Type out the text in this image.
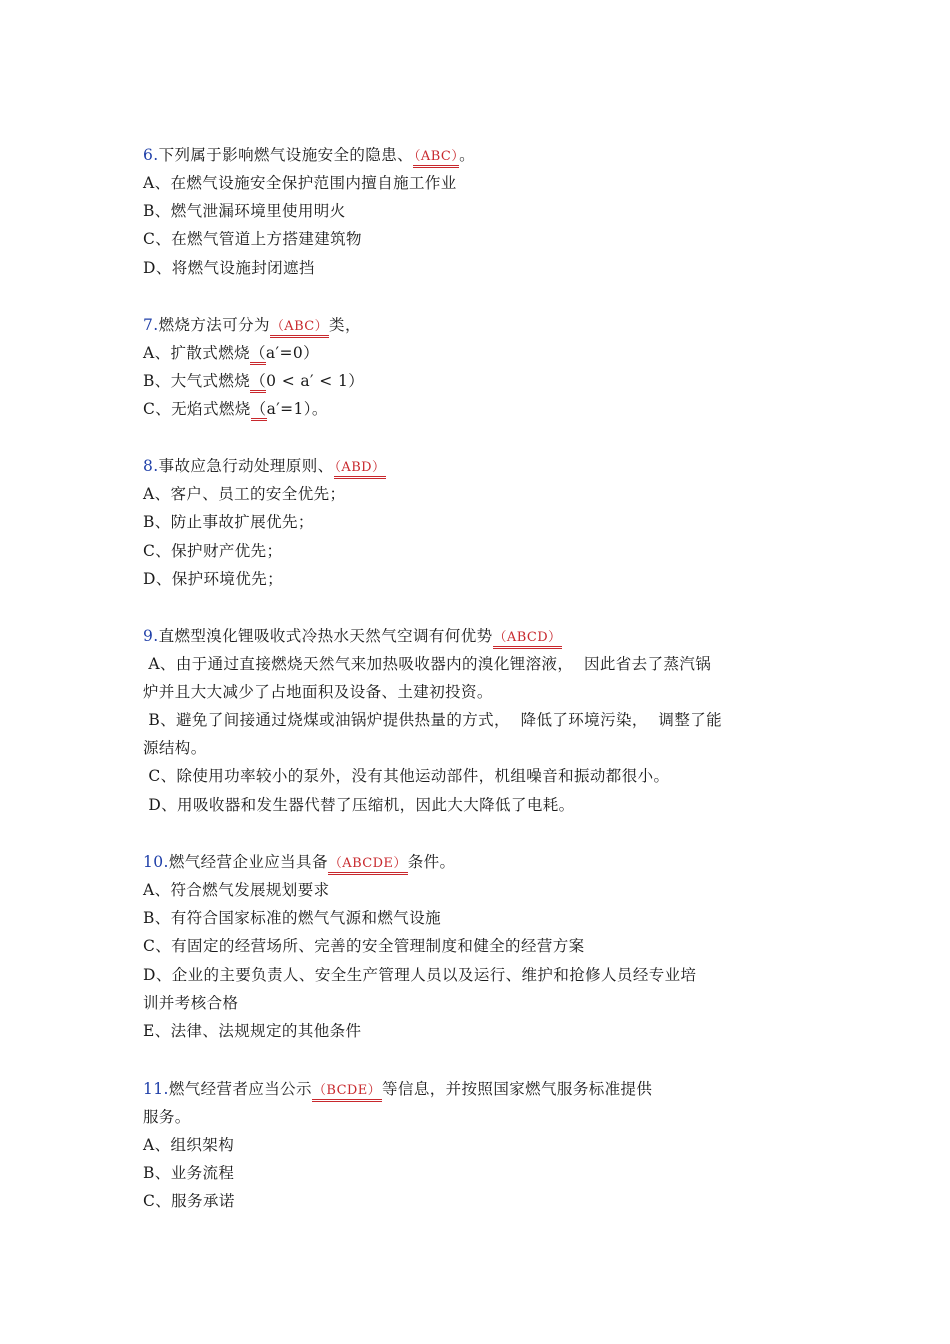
6.下列属于影响燃气设施安全的隐患、（ABC）。
A、在燃气设施安全保护范围内擅自施工作业
B、燃气泄漏环境里使用明火
C、在燃气管道上方搭建建筑物
D、将燃气设施封闭遮挡
7.燃烧方法可分为（ABC）类，
A、扩散式燃烧（a′=0）
B、大气式燃烧（0 < a′ < 1）
C、无焰式燃烧（a′=1）。
8.事故应急行动处理原则、（ABD）
A、客户、员工的安全优先；
B、防止事故扩展优先；
C、保护财产优先；
D、保护环境优先；
9.直燃型溴化锂吸收式冷热水天然气空调有何优势（ABCD）
A、由于通过直接燃烧天然气来加热吸收器内的溴化锂溶液，  因此省去了蒸汽锅
炉并且大大减少了占地面积及设备、土建初投资。
B、避免了间接通过烧煤或油锅炉提供热量的方式，  降低了环境污染，  调整了能
源结构。
C、除使用功率较小的泵外，没有其他运动部件，机组噪音和振动都很小。
D、用吸收器和发生器代替了压缩机，因此大大降低了电耗。
10.燃气经营企业应当具备（ABCDE）条件。
A、符合燃气发展规划要求
B、有符合国家标准的燃气气源和燃气设施
C、有固定的经营场所、完善的安全管理制度和健全的经营方案
D、企业的主要负责人、安全生产管理人员以及运行、维护和抢修人员经专业培
训并考核合格
E、法律、法规规定的其他条件
11.燃气经营者应当公示（BCDE）等信息，并按照国家燃气服务标准提供
服务。
A、组织架构
B、业务流程
C、服务承诺
